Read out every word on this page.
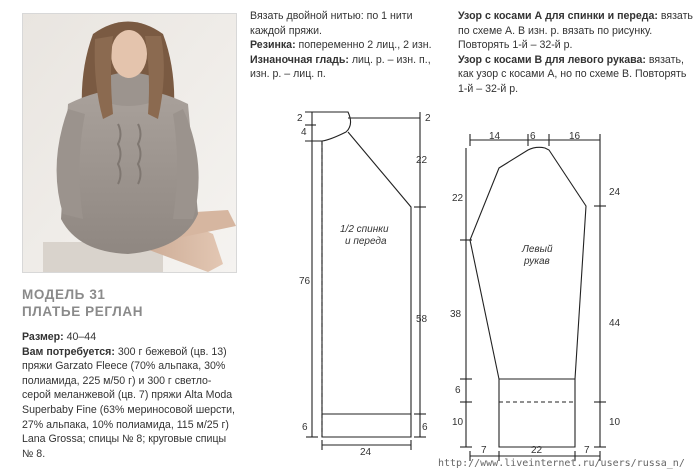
МОДЕЛЬ 31
ПЛАТЬЕ РЕГЛАН
Размер: 40–44
Вам потребуется: 300 г бежевой (цв. 13) пряжи Garzato Fleece (70% альпака, 30% полиамида, 225 м/50 г) и 300 г светло-серой меланжевой (цв. 7) пряжи Alta Moda Superbaby Fine (63% мериносовой шерсти, 27% альпака, 10% полиамида, 115 м/25 г) Lana Grossa; спицы № 8; круговые спицы № 8.

Вязать двойной нитью: по 1 нити каждой пряжи.

Резинка: попеременно 2 лиц., 2 изн.

Изнаночная гладь: лиц. р. – изн. п., изн. р. – лиц. п.

Узор с косами А для спинки и переда: вязать по схеме А. В изн. р. вязать по рисунку. Повторять 1-й – 32-й р.

Узор с косами В для левого рукава: вязать, как узор с косами А, но по схеме В. Повторять 1-й – 32-й р.

2
4
2
22
76
58
6	6
24
1/2 спинки
и переда
14	6	16
22
24
38
44
6
10	10
7	22	7
Левый
рукав
http://www.liveinternet.ru/users/russa_n/
